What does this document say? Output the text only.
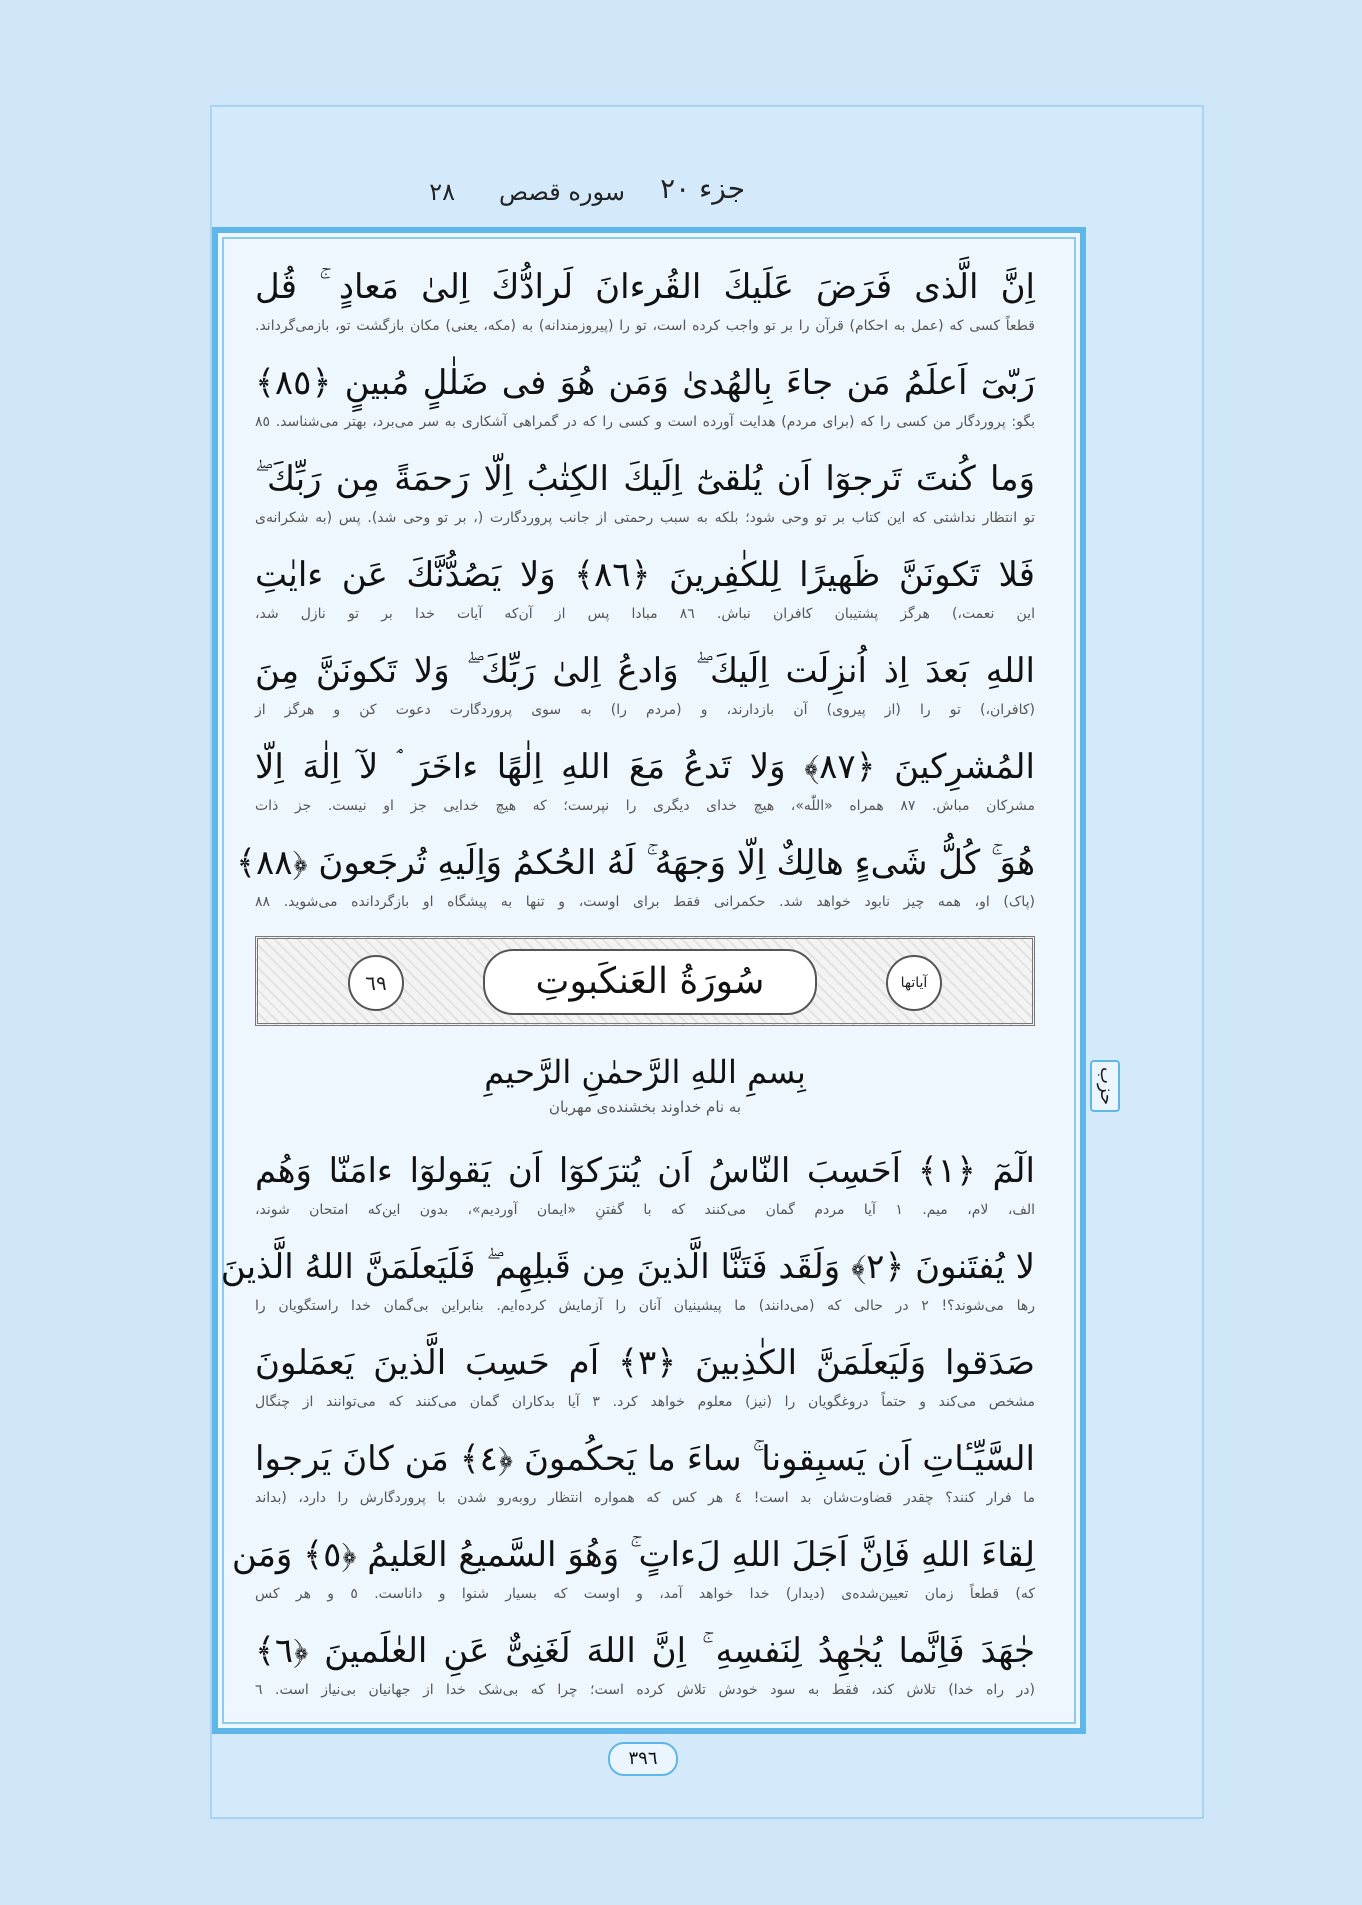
جزء ٢٠
سوره قصص
٢٨
حزب
اِنَّ الَّذی فَرَضَ عَلَیكَ القُرءانَ لَرادُّكَ اِلیٰ مَعادٍ ۚ قُل
قطعاً کسی که (عمل به احکام) قرآن را بر تو واجب کرده است، تو را (پیروزمندانه) به (مکه، یعنی) مکان بازگشت تو، بازمی‌گرداند.
رَبّیٓ اَعلَمُ مَن جاءَ بِالهُدیٰ وَمَن هُوَ فی ضَلٰلٍ مُبینٍ ﴿٨٥﴾
بگو: پروردگار من کسی را که (برای مردم) هدایت آورده است و کسی را که در گمراهی آشکاری به سر می‌برد، بهتر می‌شناسد. ٨٥
وَما كُنتَ تَرجوٓا اَن یُلقیٰٓ اِلَیكَ الكِتٰبُ اِلّا رَحمَةً مِن رَبِّكَ ۖ
تو انتظار نداشتی که این کتاب بر تو وحی شود؛ بلکه به سبب رحمتی از جانب پروردگارت (، بر تو وحی شد). پس (به شکرانه‌ی
فَلا تَكونَنَّ ظَهیرًا لِلكٰفِرینَ ﴿٨٦﴾ وَلا یَصُدُّنَّكَ عَن ءایٰتِ
این نعمت،) هرگز پشتیبان کافران نباش. ٨٦ مبادا پس از آن‌که آیات خدا بر تو نازل شد،
اللهِ بَعدَ اِذ اُنزِلَت اِلَیكَ ۖ وَادعُ اِلیٰ رَبِّكَ ۖ وَلا تَكونَنَّ مِنَ
(کافران،) تو را (از پیروی) آن بازدارند، و (مردم را) به سوی پروردگارت دعوت کن و هرگز از
المُشرِكینَ ﴿٨٧﴾ وَلا تَدعُ مَعَ اللهِ اِلٰهًا ءاخَرَ ۘ لآ اِلٰهَ اِلّا
مشرکان مباش. ٨٧ همراه «اللّٰه»، هیچ خدای دیگری را نپرست؛ که هیچ خدایی جز او نیست. جز ذات
هُوَ ۚ كُلُّ شَیءٍ هالِكٌ اِلّا وَجهَهُ ۚ لَهُ الحُكمُ وَاِلَیهِ تُرجَعونَ ﴿٨٨﴾
(پاک) او، همه چیز نابود خواهد شد. حکمرانی فقط برای اوست، و تنها به پیشگاه او بازگردانده می‌شوید. ٨٨
آیاتها
سُورَةُ العَنكَبوتِ
٦٩
بِسمِ اللهِ الرَّحمٰنِ الرَّحیمِ
به نام خداوند بخشنده‌ی مهربان
الٓمٓ ﴿١﴾ اَحَسِبَ النّاسُ اَن یُترَكوٓا اَن یَقولوٓا ءامَنّا وَهُم
الف، لام، میم. ١ آیا مردم گمان می‌کنند که با گفتنِ «ایمان آوردیم»، بدون این‌که امتحان شوند،
لا یُفتَنونَ ﴿٢﴾ وَلَقَد فَتَنَّا الَّذینَ مِن قَبلِهِم ۖ فَلَیَعلَمَنَّ اللهُ الَّذینَ
رها می‌شوند؟! ٢ در حالی که (می‌دانند) ما پیشینیان آنان را آزمایش کرده‌ایم. بنابراین بی‌گمان خدا راستگویان را
صَدَقوا وَلَیَعلَمَنَّ الكٰذِبینَ ﴿٣﴾ اَم حَسِبَ الَّذینَ یَعمَلونَ
مشخص می‌کند و حتماً دروغگویان را (نیز) معلوم خواهد کرد. ٣ آیا بدکاران گمان می‌کنند که می‌توانند از چنگال
السَّیِّـٔاتِ اَن یَسبِقونا ۚ ساءَ ما یَحكُمونَ ﴿٤﴾ مَن كانَ یَرجوا
ما فرار کنند؟ چقدر قضاوت‌شان بد است! ٤ هر کس که همواره انتظار روبه‌رو شدن با پروردگارش را دارد، (بداند
لِقاءَ اللهِ فَاِنَّ اَجَلَ اللهِ لَءاتٍ ۚ وَهُوَ السَّمیعُ العَلیمُ ﴿٥﴾ وَمَن
که) قطعاً زمان تعیین‌شده‌ی (دیدار) خدا خواهد آمد، و اوست که بسیار شنوا و داناست. ٥ و هر کس
جٰهَدَ فَاِنَّما یُجٰهِدُ لِنَفسِهِ ۚ اِنَّ اللهَ لَغَنِیٌّ عَنِ العٰلَمینَ ﴿٦﴾
(در راه خدا) تلاش کند، فقط به سود خودش تلاش کرده است؛ چرا که بی‌شک خدا از جهانیان بی‌نیاز است. ٦
٣٩٦
